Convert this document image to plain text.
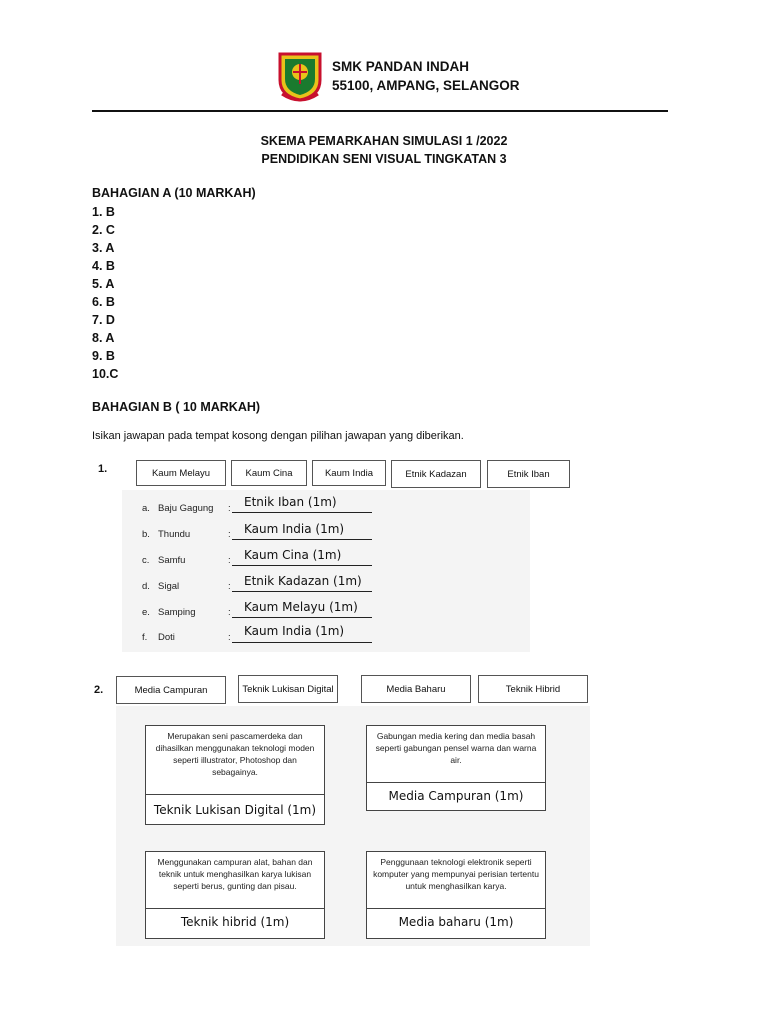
SMK PANDAN INDAH
55100, AMPANG, SELANGOR
SKEMA PEMARKAHAN SIMULASI 1 /2022
PENDIDIKAN SENI VISUAL TINGKATAN 3
BAHAGIAN A (10 MARKAH)
1. B
2. C
3. A
4. B
5. A
6. B
7. D
8. A
9. B
10.C
BAHAGIAN B ( 10 MARKAH)
Isikan jawapan pada tempat kosong dengan pilihan jawapan yang diberikan.
1.	Kaum Melayu	Kaum Cina	Kaum India	Etnik Kadazan	Etnik Iban
a. Baju Gagung : Etnik Iban (1m)
b. Thundu	: Kaum India (1m)
c. Samfu	: Kaum Cina (1m)
d. Sigal	: Etnik Kadazan (1m)
e. Samping	: Kaum Melayu (1m)
f. Doti	: Kaum India (1m)
2.	Media Campuran	Teknik Lukisan Digital	Media Baharu	Teknik Hibrid
Merupakan seni pascamerdeka dan dihasilkan menggunakan teknologi moden seperti illustrator, Photoshop dan sebagainya.
Teknik Lukisan Digital (1m)
Gabungan media kering dan media basah seperti gabungan pensel warna dan warna air.
Media Campuran (1m)
Menggunakan campuran alat, bahan dan teknik untuk menghasilkan karya lukisan seperti berus, gunting dan pisau.
Teknik hibrid (1m)
Penggunaan teknologi elektronik seperti komputer yang mempunyai perisian tertentu untuk menghasilkan karya.
Media baharu (1m)
